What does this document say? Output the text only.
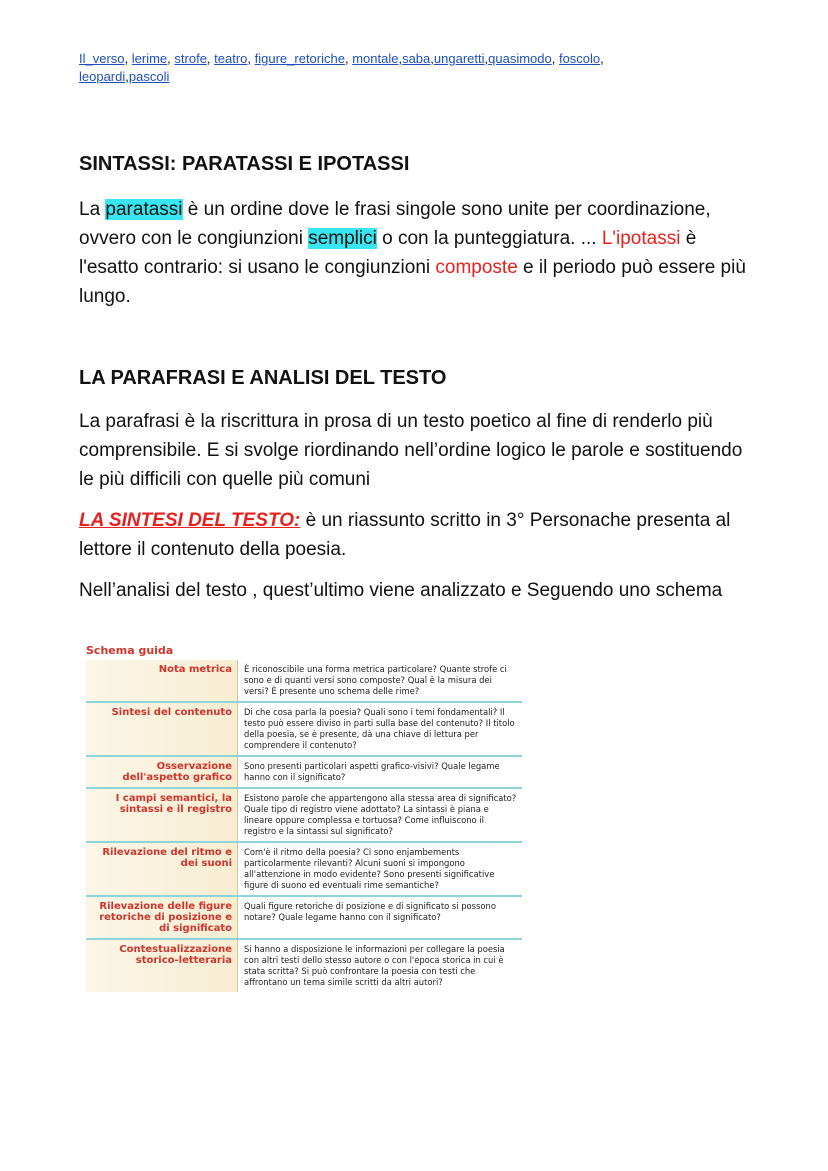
Il_verso, lerime, strofe, teatro, figure_retoriche, montale,saba,ungaretti,quasimodo, foscolo,
leopardi,pascoli
SINTASSI: PARATASSI E IPOTASSI
La paratassi è un ordine dove le frasi singole sono unite per coordinazione, ovvero con le congiunzioni semplici o con la punteggiatura. ... L'ipotassi è l'esatto contrario: si usano le congiunzioni composte e il periodo può essere più lungo.
LA PARAFRASI E ANALISI DEL TESTO
La parafrasi è la riscrittura in prosa di un testo poetico al fine di renderlo più comprensibile. E si svolge riordinando nell’ordine logico le parole e sostituendo le più difficili con quelle più comuni
LA SINTESI DEL TESTO: è un riassunto scritto in 3° Personache presenta al lettore il contenuto della poesia.
Nell’analisi del testo , quest’ultimo viene analizzato e Seguendo uno schema
Schema guida
Nota metrica	È riconoscibile una forma metrica particolare? Quante strofe ci sono e di quanti versi sono composte? Qual è la misura dei versi? È presente uno schema delle rime?
Sintesi del contenuto	Di che cosa parla la poesia? Quali sono i temi fondamentali? Il testo può essere diviso in parti sulla base del contenuto? Il titolo della poesia, se è presente, dà una chiave di lettura per comprendere il contenuto?
Osservazione dell'aspetto grafico
Sono presenti particolari aspetti grafico-visivi? Quale legame hanno con il significato?
I campi semantici, la sintassi e il registro
Esistono parole che appartengono alla stessa area di significato? Quale tipo di registro viene adottato? La sintassi è piana e lineare oppure complessa e tortuosa? Come influiscono il registro e la sintassi sul significato?
Rilevazione del ritmo e dei suoni
Com'è il ritmo della poesia? Ci sono enjambements particolarmente rilevanti? Alcuni suoni si impongono all'attenzione in modo evidente? Sono presenti significative figure di suono ed eventuali rime semantiche?
Rilevazione delle figure retoriche di posizione e di significato
Quali figure retoriche di posizione e di significato si possono notare? Quale legame hanno con il significato?
Contestualizzazione storico-letteraria
Si hanno a disposizione le informazioni per collegare la poesia con altri testi dello stesso autore o con l'epoca storica in cui è stata scritta? Si può confrontare la poesia con testi che affrontano un tema simile scritti da altri autori?
